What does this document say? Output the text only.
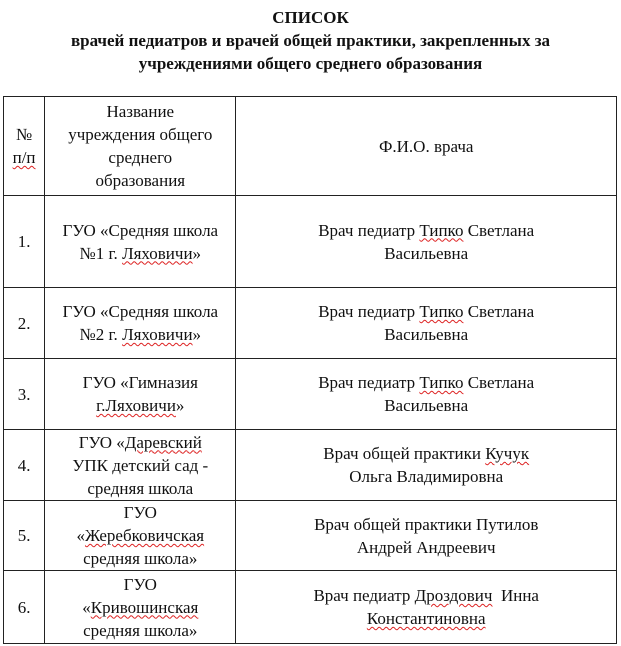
СПИСОК
врачей педиатров и врачей общей практики, закрепленных за
учреждениями общего среднего образования
№
п/п	Название
учреждения общего
среднего
образования	Ф.И.О. врача
1.	ГУО «Средняя школа
№1 г. Ляховичи»	Врач педиатр Типко Светлана
Васильевна

2.	ГУО «Средняя школа
№2 г. Ляховичи»	Врач педиатр Типко Светлана
Васильевна

3.	ГУО «Гимназия
г.Ляховичи»	Врач педиатр Типко Светлана
Васильевна

4.	ГУО «Даревский
УПК детский сад -
средняя школа	Врач общей практики Кучук
Ольга Владимировна

5.	ГУО
«Жеребковичская
средняя школа»	Врач общей практики Путилов
Андрей Андреевич

6.	ГУО
«Кривошинская
средняя школа»	Врач педиатр Дроздович  Инна
Константиновна
